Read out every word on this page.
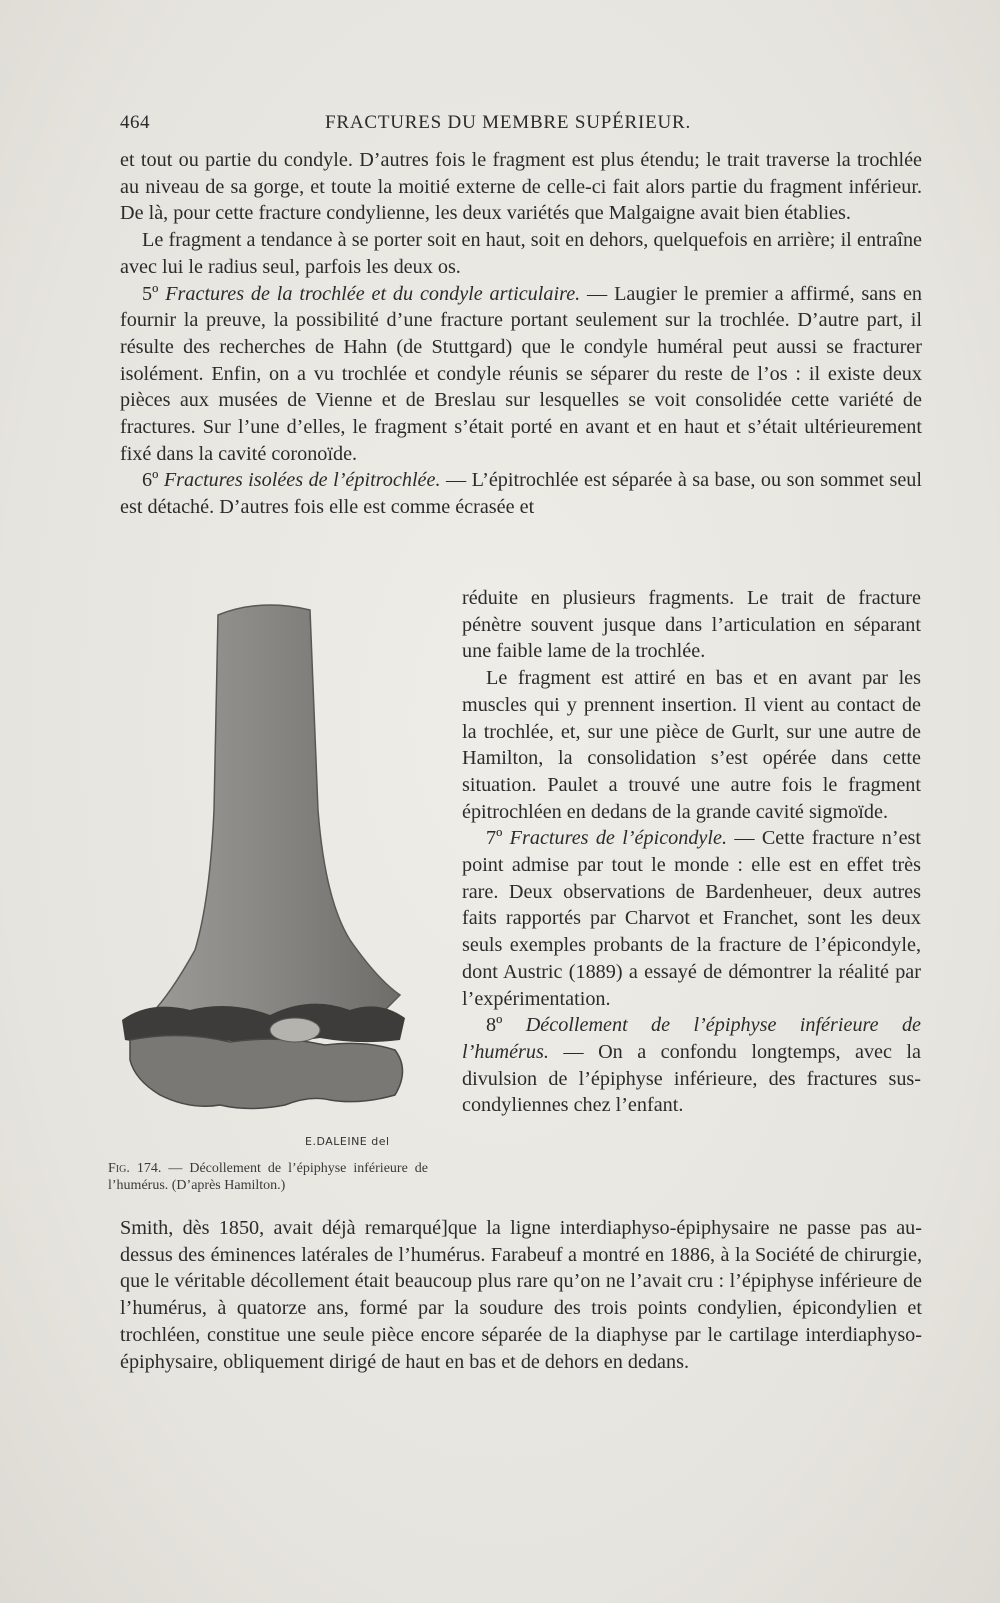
464	FRACTURES DU MEMBRE SUPÉRIEUR.

et tout ou partie du condyle. D’autres fois le fragment est plus étendu; le trait traverse la trochlée au niveau de sa gorge, et toute la moitié externe de celle-ci fait alors partie du fragment inférieur. De là, pour cette fracture condylienne, les deux variétés que Malgaigne avait bien établies.

Le fragment a tendance à se porter soit en haut, soit en dehors, quelquefois en arrière; il entraîne avec lui le radius seul, parfois les deux os.

5º Fractures de la trochlée et du condyle articulaire. — Laugier le premier a affirmé, sans en fournir la preuve, la possibilité d’une fracture portant seulement sur la trochlée. D’autre part, il résulte des recherches de Hahn (de Stuttgard) que le condyle huméral peut aussi se fracturer isolément. Enfin, on a vu trochlée et condyle réunis se séparer du reste de l’os : il existe deux pièces aux musées de Vienne et de Breslau sur lesquelles se voit consolidée cette variété de fractures. Sur l’une d’elles, le fragment s’était porté en avant et en haut et s’était ultérieurement fixé dans la cavité coronoïde.

6º Fractures isolées de l’épitrochlée. — L’épitrochlée est séparée à sa base, ou son sommet seul est détaché. D’autres fois elle est comme écrasée et

E.DALEINE del
Fig. 174. — Décollement de l’épiphyse inférieure de l’humérus. (D’après Hamilton.)

réduite en plusieurs fragments. Le trait de fracture pénètre souvent jusque dans l’articulation en séparant une faible lame de la trochlée.

Le fragment est attiré en bas et en avant par les muscles qui y prennent insertion. Il vient au contact de la trochlée, et, sur une pièce de Gurlt, sur une autre de Hamilton, la consolidation s’est opérée dans cette situation. Paulet a trouvé une autre fois le fragment épitrochléen en dedans de la grande cavité sigmoïde.

7º Fractures de l’épicondyle. — Cette fracture n’est point admise par tout le monde : elle est en effet très rare. Deux observations de Bardenheuer, deux autres faits rapportés par Charvot et Franchet, sont les deux seuls exemples probants de la fracture de l’épicondyle, dont Austric (1889) a essayé de démontrer la réalité par l’expérimentation.

8º Décollement de l’épiphyse inférieure de l’humérus. — On a confondu longtemps, avec la divulsion de l’épiphyse inférieure, des fractures sus-condyliennes chez l’enfant.

Smith, dès 1850, avait déjà remarqué]que la ligne interdiaphyso-épiphysaire ne passe pas au-dessus des éminences latérales de l’humérus. Farabeuf a montré en 1886, à la Société de chirurgie, que le véritable décollement était beaucoup plus rare qu’on ne l’avait cru : l’épiphyse inférieure de l’humérus, à quatorze ans, formé par la soudure des trois points condylien, épicondylien et trochléen, constitue une seule pièce encore séparée de la diaphyse par le cartilage interdiaphyso-épiphysaire, obliquement dirigé de haut en bas et de dehors en dedans.
